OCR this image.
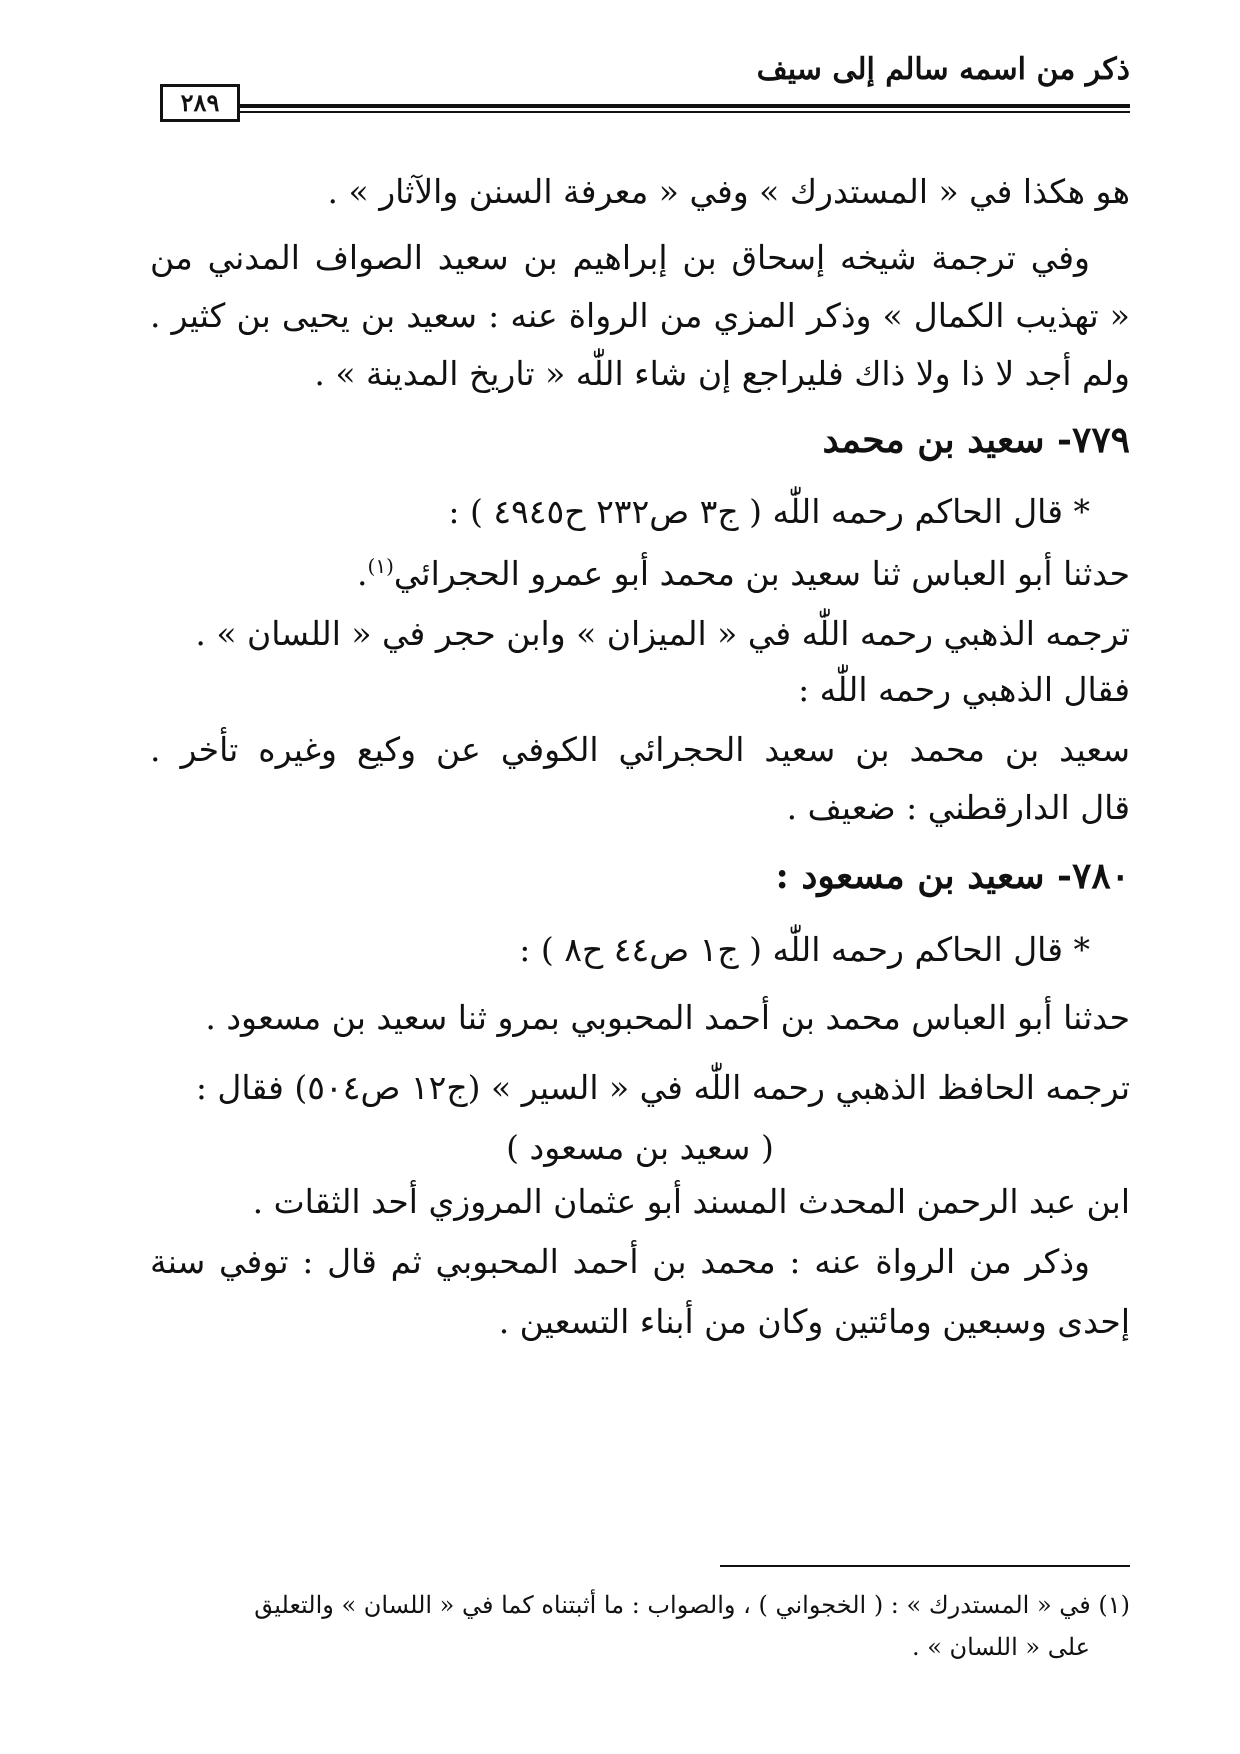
ذكر من اسمه سالم إلى سيف
٢٨٩
هو هكذا في « المستدرك » وفي « معرفة السنن والآثار » .
وفي ترجمة شيخه إسحاق بن إبراهيم بن سعيد الصواف المدني من
« تهذيب الكمال » وذكر المزي من الرواة عنه : سعيد بن يحيى بن كثير .
ولم أجد لا ذا ولا ذاك فليراجع إن شاء اللّٰه « تاريخ المدينة » .
٧٧٩- سعيد بن محمد
* قال الحاكم رحمه اللّٰه ( ج٣ ص٢٣٢ ح٤٩٤٥ ) :
حدثنا أبو العباس ثنا سعيد بن محمد أبو عمرو الحجرائي$^{(١)}$.
ترجمه الذهبي رحمه اللّٰه في « الميزان » وابن حجر في « اللسان » .
فقال الذهبي رحمه اللّٰه :
سعيد بن محمد بن سعيد الحجرائي الكوفي عن وكيع وغيره تأخر .
قال الدارقطني : ضعيف .
٧٨٠- سعيد بن مسعود :
* قال الحاكم رحمه اللّٰه ( ج١ ص٤٤ ح٨ ) :
حدثنا أبو العباس محمد بن أحمد المحبوبي بمرو ثنا سعيد بن مسعود .
ترجمه الحافظ الذهبي رحمه اللّٰه في « السير » (ج١٢ ص٥٠٤) فقال :
( سعيد بن مسعود )
ابن عبد الرحمن المحدث المسند أبو عثمان المروزي أحد الثقات .
وذكر من الرواة عنه : محمد بن أحمد المحبوبي ثم قال : توفي سنة
إحدى وسبعين ومائتين وكان من أبناء التسعين .
(١) في « المستدرك » : ( الخجواني ) ، والصواب : ما أثبتناه كما في « اللسان » والتعليق
على « اللسان » .
